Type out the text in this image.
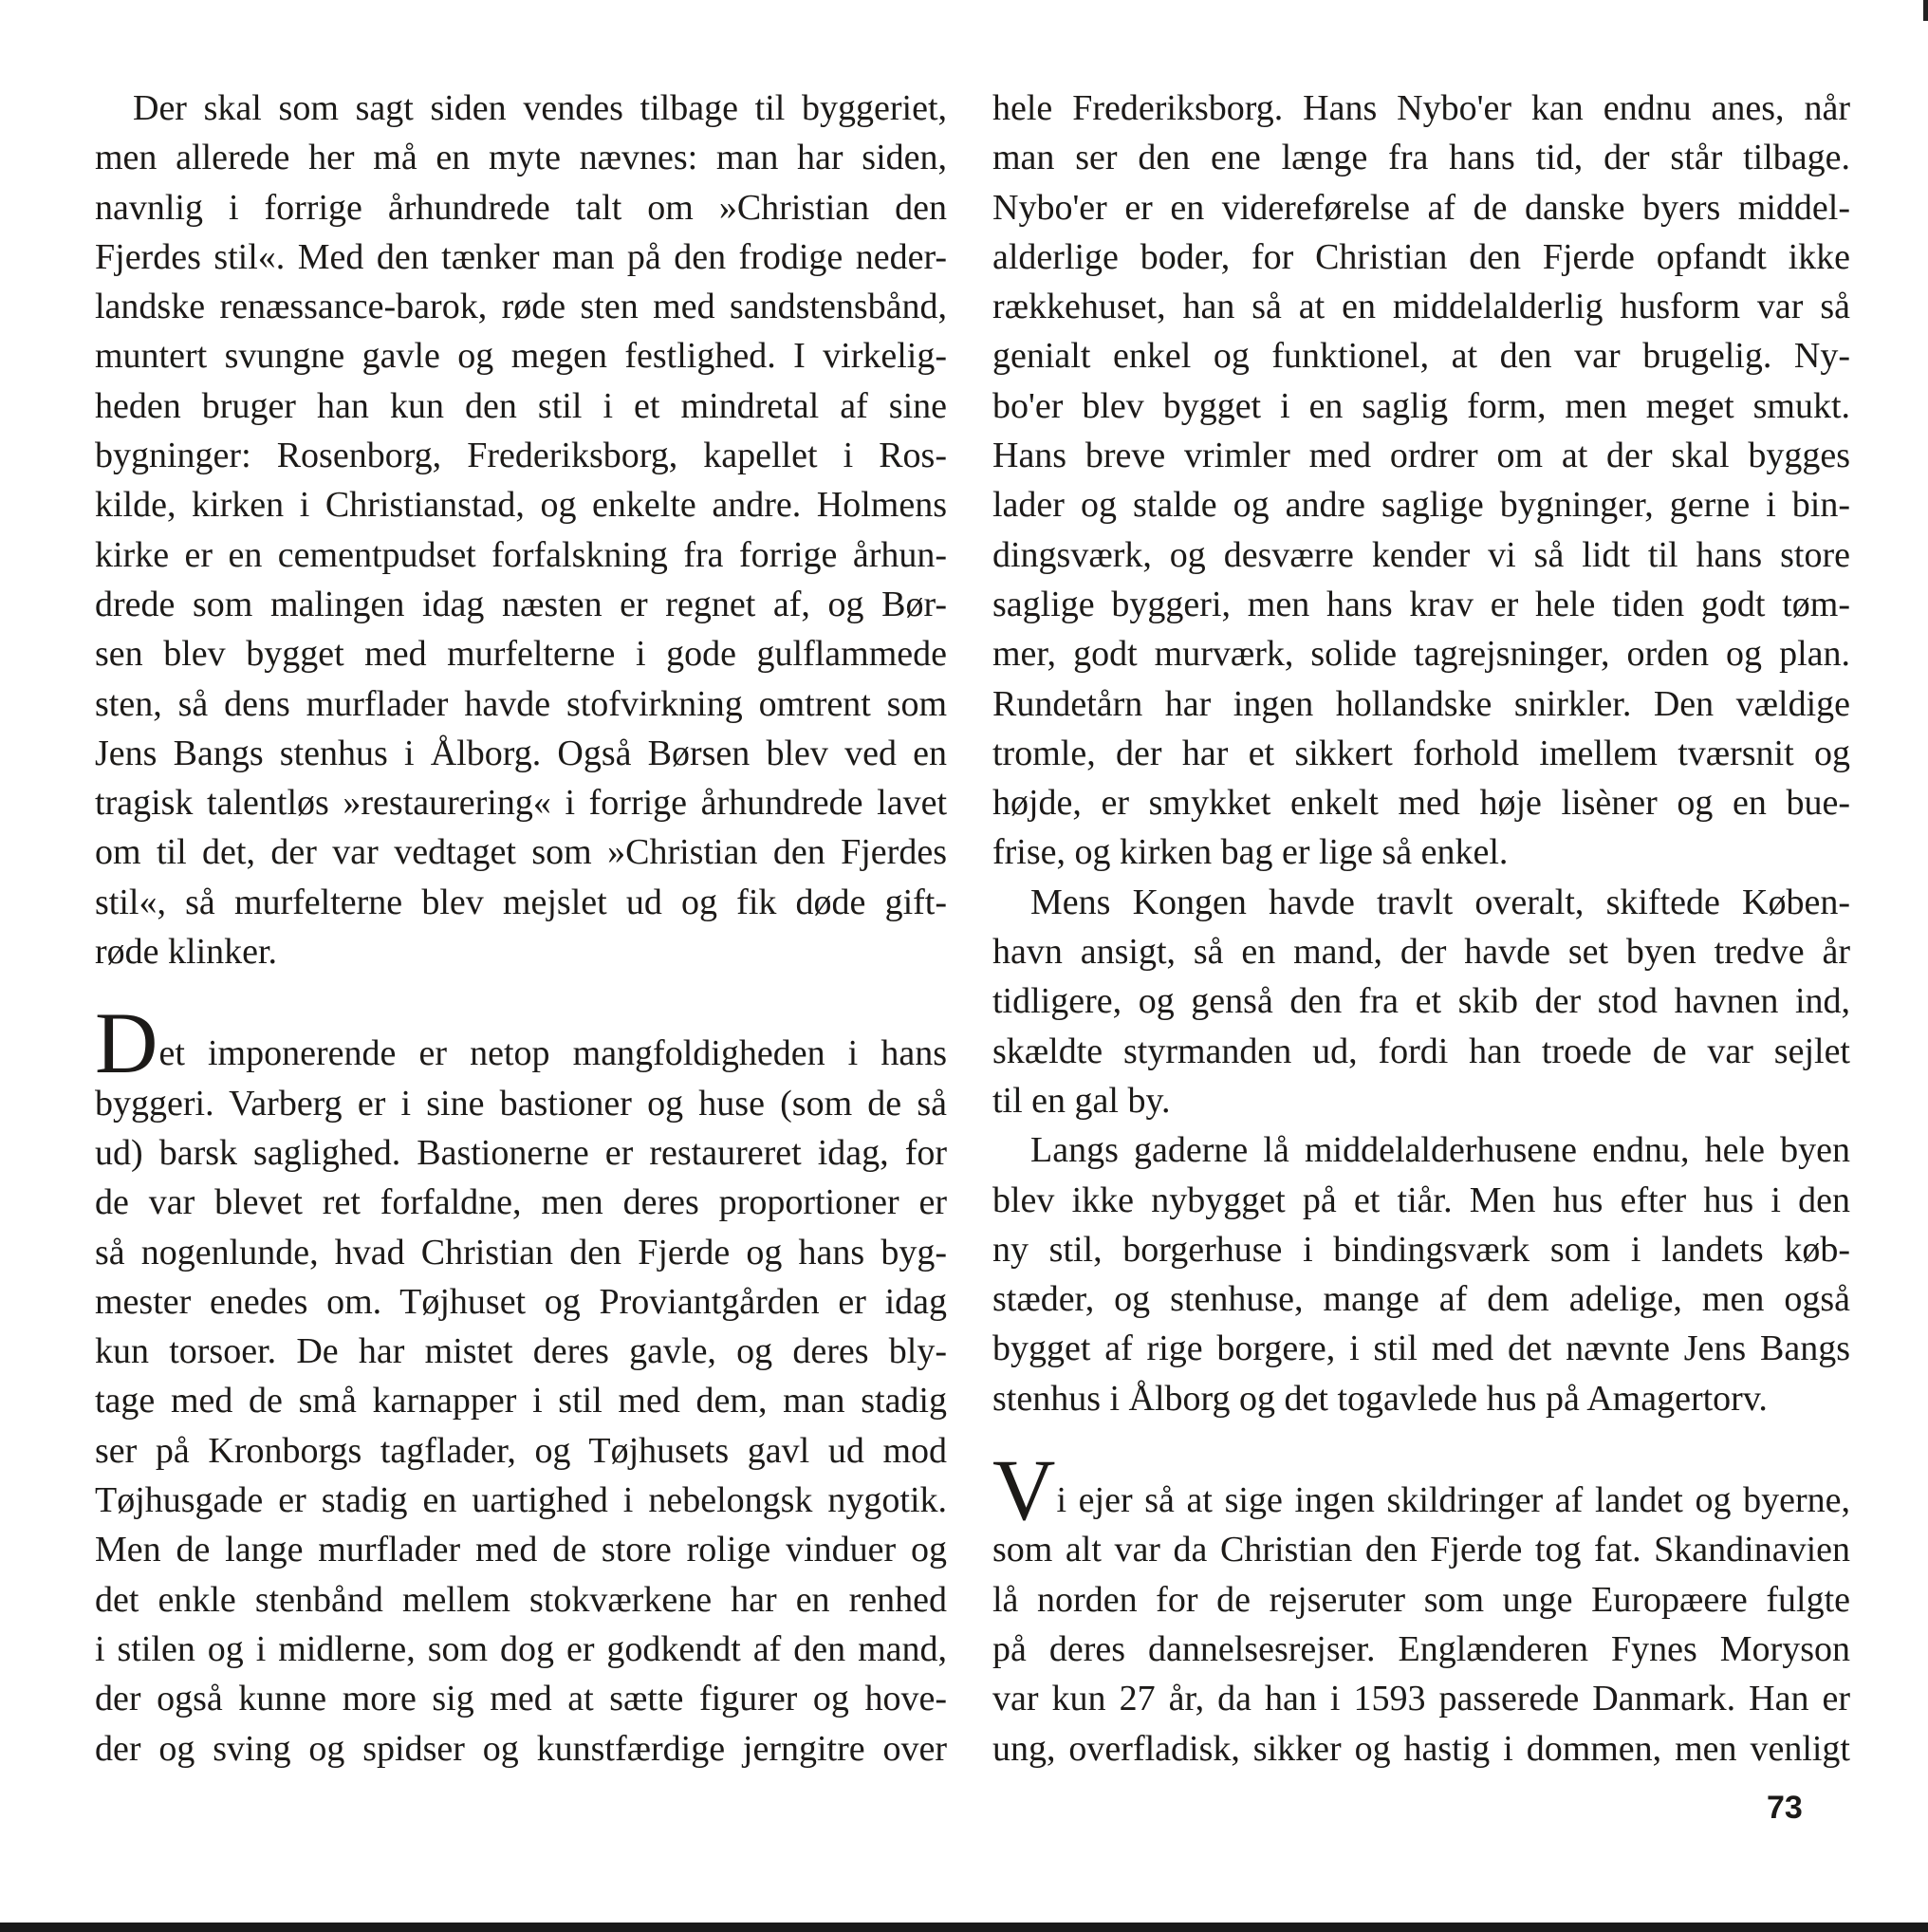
Der skal som sagt siden vendes tilbage til byggeriet,
men allerede her må en myte nævnes: man har siden,
navnlig i forrige århundrede talt om »Christian den
Fjerdes stil«. Med den tænker man på den frodige neder-
landske renæssance-barok, røde sten med sandstensbånd,
muntert svungne gavle og megen festlighed. I virkelig-
heden bruger han kun den stil i et mindretal af sine
bygninger: Rosenborg, Frederiksborg, kapellet i Ros-
kilde, kirken i Christianstad, og enkelte andre. Holmens
kirke er en cementpudset forfalskning fra forrige århun-
drede som malingen idag næsten er regnet af, og Bør-
sen blev bygget med murfelterne i gode gulflammede
sten, så dens murflader havde stofvirkning omtrent som
Jens Bangs stenhus i Ålborg. Også Børsen blev ved en
tragisk talentløs »restaurering« i forrige århundrede lavet
om til det, der var vedtaget som »Christian den Fjerdes
stil«, så murfelterne blev mejslet ud og fik døde gift-
røde klinker.
Det imponerende er netop mangfoldigheden i hans
byggeri. Varberg er i sine bastioner og huse (som de så
ud) barsk saglighed. Bastionerne er restaureret idag, for
de var blevet ret forfaldne, men deres proportioner er
så nogenlunde, hvad Christian den Fjerde og hans byg-
mester enedes om. Tøjhuset og Proviantgården er idag
kun torsoer. De har mistet deres gavle, og deres bly-
tage med de små karnapper i stil med dem, man stadig
ser på Kronborgs tagflader, og Tøjhusets gavl ud mod
Tøjhusgade er stadig en uartighed i nebelongsk nygotik.
Men de lange murflader med de store rolige vinduer og
det enkle stenbånd mellem stokværkene har en renhed
i stilen og i midlerne, som dog er godkendt af den mand,
der også kunne more sig med at sætte figurer og hove-
der og sving og spidser og kunstfærdige jerngitre over
hele Frederiksborg. Hans Nybo'er kan endnu anes, når
man ser den ene længe fra hans tid, der står tilbage.
Nybo'er er en videreførelse af de danske byers middel-
alderlige boder, for Christian den Fjerde opfandt ikke
rækkehuset, han så at en middelalderlig husform var så
genialt enkel og funktionel, at den var brugelig. Ny-
bo'er blev bygget i en saglig form, men meget smukt.
Hans breve vrimler med ordrer om at der skal bygges
lader og stalde og andre saglige bygninger, gerne i bin-
dingsværk, og desværre kender vi så lidt til hans store
saglige byggeri, men hans krav er hele tiden godt tøm-
mer, godt murværk, solide tagrejsninger, orden og plan.
Rundetårn har ingen hollandske snirkler. Den vældige
tromle, der har et sikkert forhold imellem tværsnit og
højde, er smykket enkelt med høje lisèner og en bue-
frise, og kirken bag er lige så enkel.
Mens Kongen havde travlt overalt, skiftede Køben-
havn ansigt, så en mand, der havde set byen tredve år
tidligere, og genså den fra et skib der stod havnen ind,
skældte styrmanden ud, fordi han troede de var sejlet
til en gal by.
Langs gaderne lå middelalderhusene endnu, hele byen
blev ikke nybygget på et tiår. Men hus efter hus i den
ny stil, borgerhuse i bindingsværk som i landets køb-
stæder, og stenhuse, mange af dem adelige, men også
bygget af rige borgere, i stil med det nævnte Jens Bangs
stenhus i Ålborg og det togavlede hus på Amagertorv.
Vi ejer så at sige ingen skildringer af landet og byerne,
som alt var da Christian den Fjerde tog fat. Skandinavien
lå norden for de rejseruter som unge Europæere fulgte
på deres dannelsesrejser. Englænderen Fynes Moryson
var kun 27 år, da han i 1593 passerede Danmark. Han er
ung, overfladisk, sikker og hastig i dommen, men venligt
73
